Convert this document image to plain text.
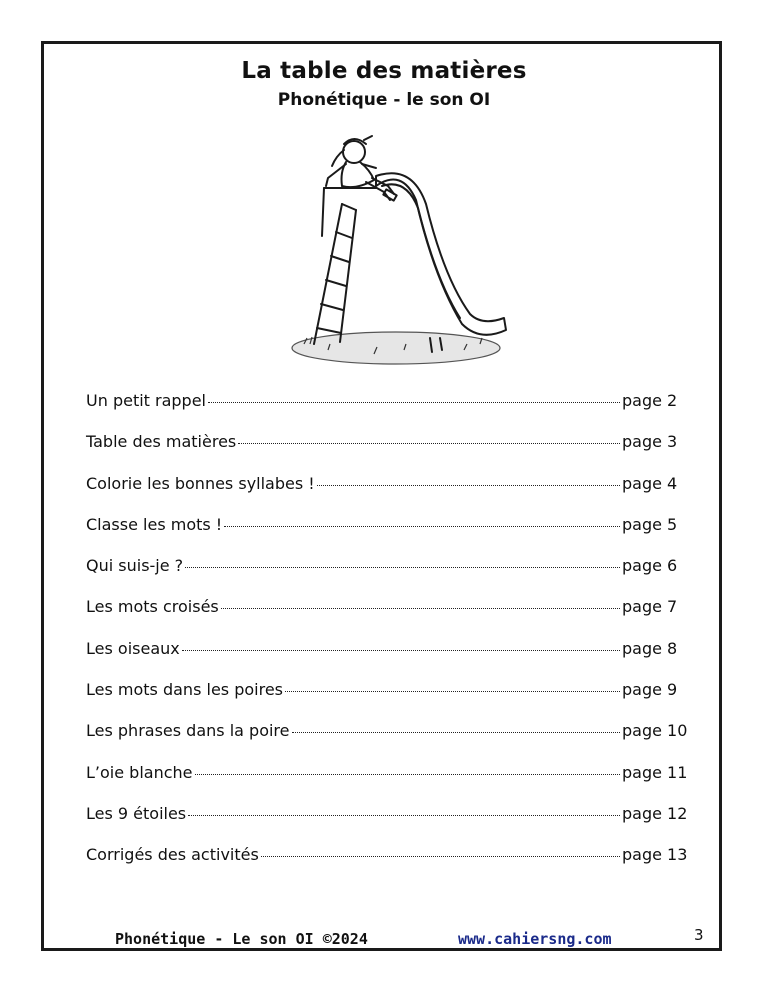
La table des matières
Phonétique - le son OI
Un petit rappel	page 2
Table des matières	page 3
Colorie les bonnes syllabes !	page 4
Classe les mots !	page 5
Qui suis-je ?	page 6
Les mots croisés	page 7
Les oiseaux	page 8
Les mots dans les poires	page 9
Les phrases dans la poire	page 10
L’oie blanche	page 11
Les 9 étoiles	page 12
Corrigés des activités	page 13
Phonétique - Le son OI ©2024	www.cahiersng.com	3
